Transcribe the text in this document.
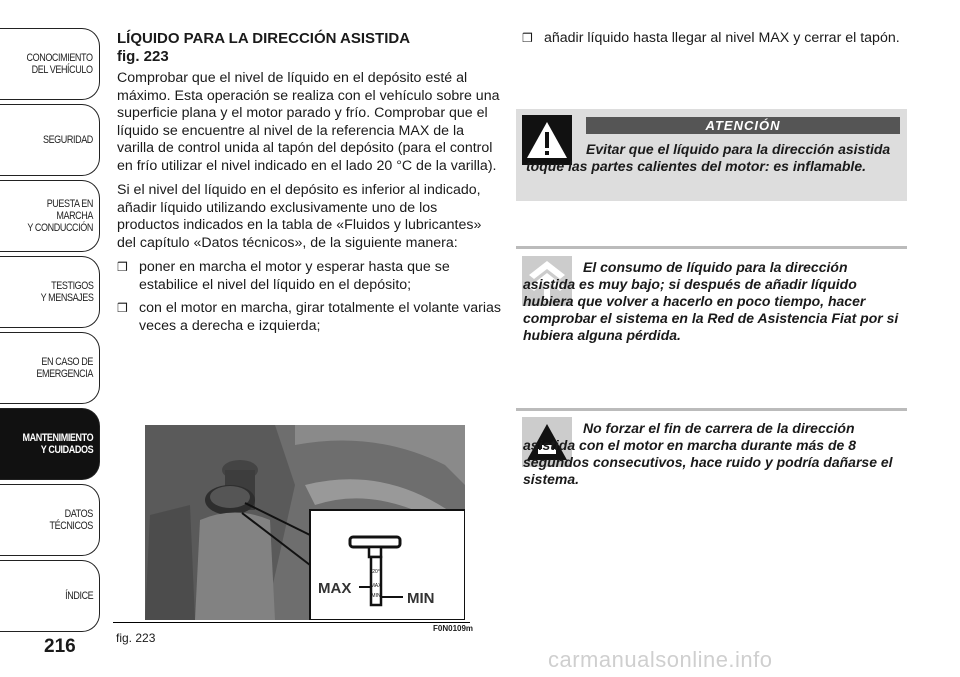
CONOCIMIENTO
DEL VEHÍCULO
SEGURIDAD
PUESTA EN
MARCHA
Y CONDUCCIÓN
TESTIGOS
Y MENSAJES
EN CASO DE
EMERGENCIA
MANTENIMIENTO
Y CUIDADOS
DATOS
TÉCNICOS
ÍNDICE
216

LÍQUIDO PARA LA DIRECCIÓN ASISTIDA

fig. 223

Comprobar que el nivel de líquido en el depósito esté al máximo. Esta operación se realiza con el vehículo sobre una superficie plana y el motor parado y frío. Comprobar que el líquido se encuentre al nivel de la referencia MAX de la varilla de control unida al tapón del depósito (para el control en frío utilizar el nivel indicado en el lado 20 °C de la varilla).

Si el nivel del líquido en el depósito es inferior al indicado, añadir líquido utilizando exclusivamente uno de los productos indicados en la tabla de «Fluidos y lubricantes» del capítulo «Datos técnicos», de la siguiente manera:

❒ poner en marcha el motor y esperar hasta que se estabilice el nivel del líquido en el depósito;
❒ con el motor en marcha, girar totalmente el volante varias veces a derecha e izquierda;
20°
MAX
MIN
MAX
MIN
fig. 223
F0N0109m
❒ añadir líquido hasta llegar al nivel MAX y cerrar el tapón.
ATENCIÓN
Evitar que el líquido para la dirección asistida toque las partes calientes del motor: es inflamable.
El consumo de líquido para la dirección asistida es muy bajo; si después de añadir líquido hubiera que volver a hacerlo en poco tiempo, hacer comprobar el sistema en la Red de Asistencia Fiat por si hubiera alguna pérdida.
No forzar el fin de carrera de la dirección asistida con el motor en marcha durante más de 8 segundos consecutivos, hace ruido y podría dañarse el sistema.
carmanualsonline.info
